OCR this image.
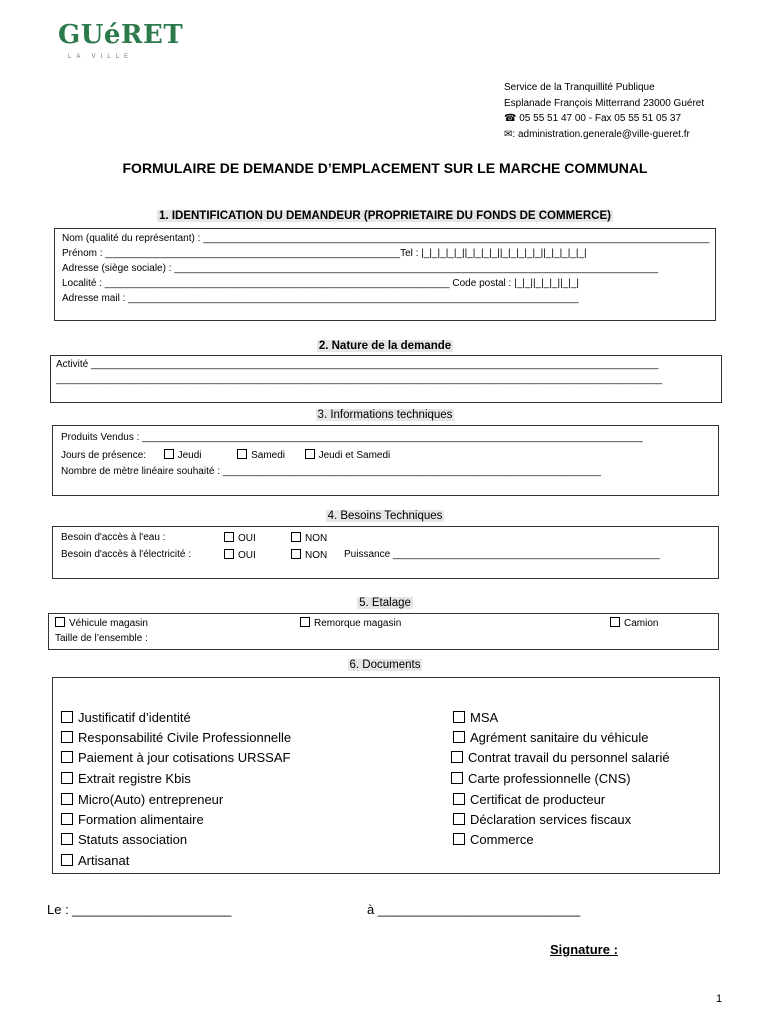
GUéRET
LA VILLE
Service de la Tranquillité Publique
Esplanade François Mitterrand 23000 Guéret
☎ 05 55 51 47 00 - Fax 05 55 51 05 37
✉: administration.generale@ville-gueret.fr
FORMULAIRE DE DEMANDE D’EMPLACEMENT SUR LE MARCHE COMMUNAL
1. IDENTIFICATION DU DEMANDEUR (PROPRIETAIRE DU FONDS DE COMMERCE)
Nom (qualité du représentant) : ___________________________________________________________________________________________
Prénom : _____________________________________________________Tel : |_|_|_|_|_||_|_|_|_||_|_|_|_|_||_|_|_|_|_|
Adresse (siège sociale) : _______________________________________________________________________________________
Localité : ______________________________________________________________ Code postal : |_|_||_|_|_||_|_|
Adresse mail : _________________________________________________________________________________
2. Nature de la demande
Activité ______________________________________________________________________________________________________
_____________________________________________________________________________________________________________
3. Informations techniques
Produits Vendus : __________________________________________________________________________________________
Jours de présence:	Jeudi	Samedi	Jeudi et Samedi
Nombre de mètre linéaire souhaité : ____________________________________________________________________
4. Besoins Techniques
Besoin d'accès à l'eau :	OUI	NON
Besoin d'accès à l'électricité :	OUI	NON Puissance ________________________________________________
5. Etalage
Véhicule magasin	Remorque magasin	Camion
Taille de l’ensemble :
6. Documents
Justificatif d’identité
Responsabilité Civile Professionnelle
Paiement à jour cotisations URSSAF
Extrait registre Kbis
Micro(Auto) entrepreneur
Formation alimentaire
Statuts association
Artisanat
MSA
Agrément sanitaire du véhicule
Contrat travail du personnel salarié
Carte professionnelle (CNS)
Certificat de producteur
Déclaration services fiscaux
Commerce
Le : ______________________	à ____________________________
Signature :
1
